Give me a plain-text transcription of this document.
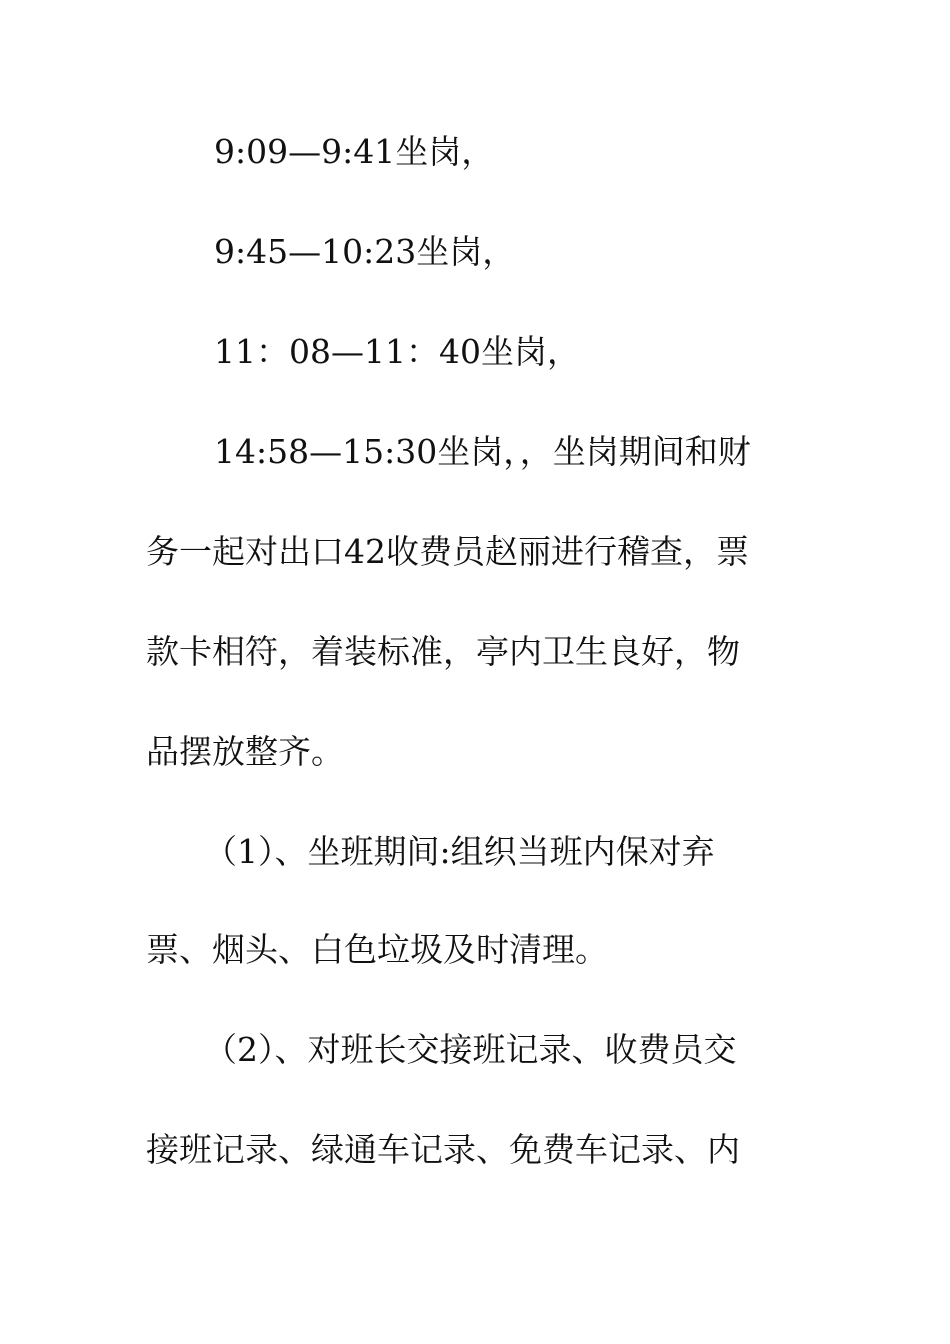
9:09—9:41坐岗，
9:45—10:23坐岗，
11：08—11：40坐岗，
14:58—15:30坐岗，，坐岗期间和财
务一起对出口42收费员赵丽进行稽查，票
款卡相符，着装标准，亭内卫生良好，物
品摆放整齐。
（1）、坐班期间:组织当班内保对弃
票、烟头、白色垃圾及时清理。
（2）、对班长交接班记录、收费员交
接班记录、绿通车记录、免费车记录、内
